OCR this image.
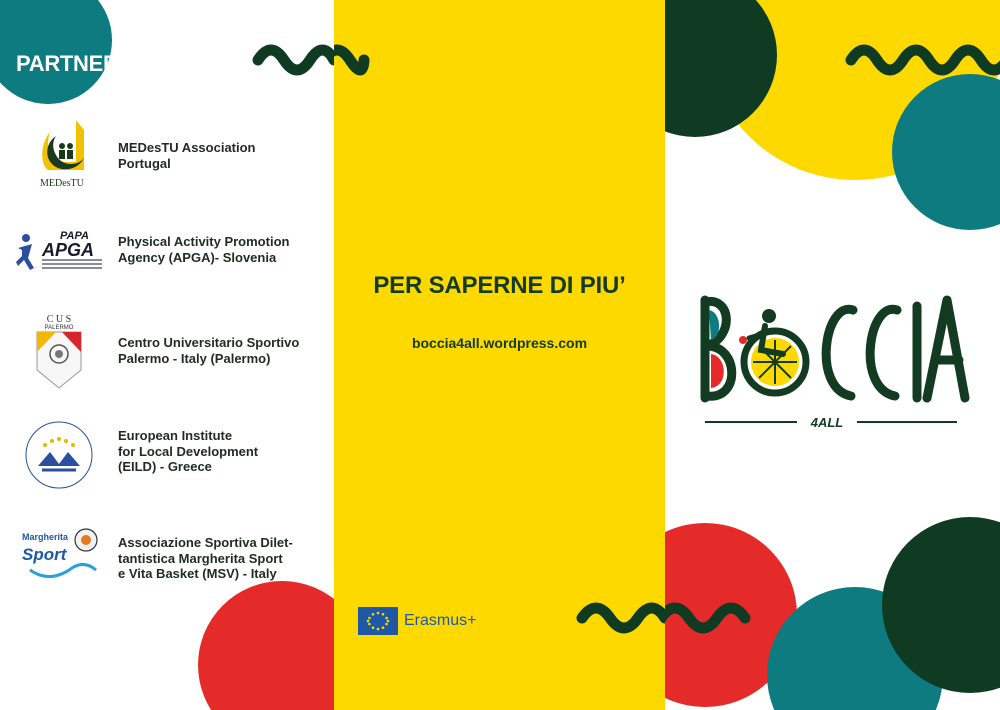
PARTNERS
MEDesTU
MEDesTU Association
Portugal
PAPA
APGA Physical Activity Promotion
Agency (APGA)- Slovenia
C U S
PALERMO
Centro Universitario Sportivo
Palermo - Italy (Palermo)
European Institute
for Local Development
(EILD) - Greece
Margherita
Sport
Associazione Sportiva Dilet-
tantistica Margherita Sport
e Vita Basket (MSV) - Italy
PER SAPERNE DI PIU’
boccia4all.wordpress.com
Erasmus+
4ALL
